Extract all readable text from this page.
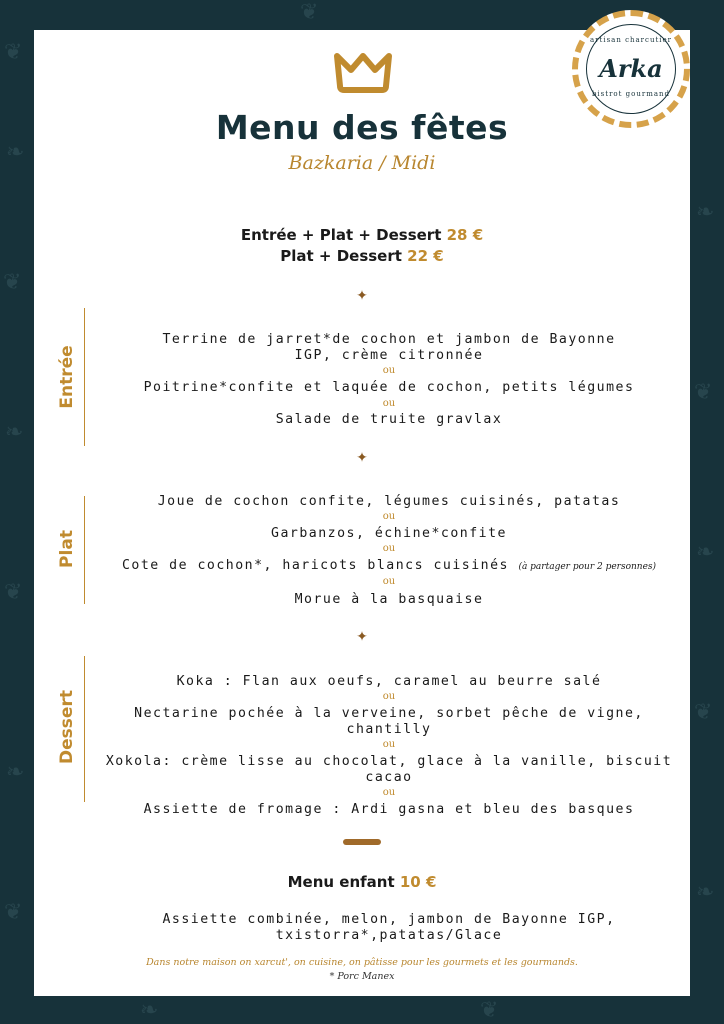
❦
❧
❦
❧
❦
❧
❦
❧
❦
❧
❦
❧
❦
❧	❦
Menu des fêtes
Bazkaria / Midi
Entrée + Plat + Dessert 28 €
Plat + Dessert 22 €
✦
Entrée
Terrine de jarret*de cochon et jambon de Bayonne
IGP, crème citronnée
ou
Poitrine*confite et laquée de cochon, petits légumes
ou
Salade de truite gravlax
✦
Plat
Joue de cochon confite, légumes cuisinés, patatas
ou
Garbanzos, échine*confite
ou
Cote de cochon*, haricots blancs cuisinés (à partager pour 2 personnes)
ou
Morue à la basquaise
✦
Dessert
Koka : Flan aux oeufs, caramel au beurre salé
ou
Nectarine pochée à la verveine, sorbet pêche de vigne,
chantilly
ou
Xokola: crème lisse au chocolat, glace à la vanille, biscuit
cacao
ou
Assiette de fromage : Ardi gasna et bleu des basques
Menu enfant 10 €
Assiette combinée, melon, jambon de Bayonne IGP,
txistorra*,patatas/Glace
Dans notre maison on xarcut', on cuisine, on pâtisse pour les gourmets et les gourmands.
* Porc Manex
artisan charcutier
Arka
bistrot gourmand
